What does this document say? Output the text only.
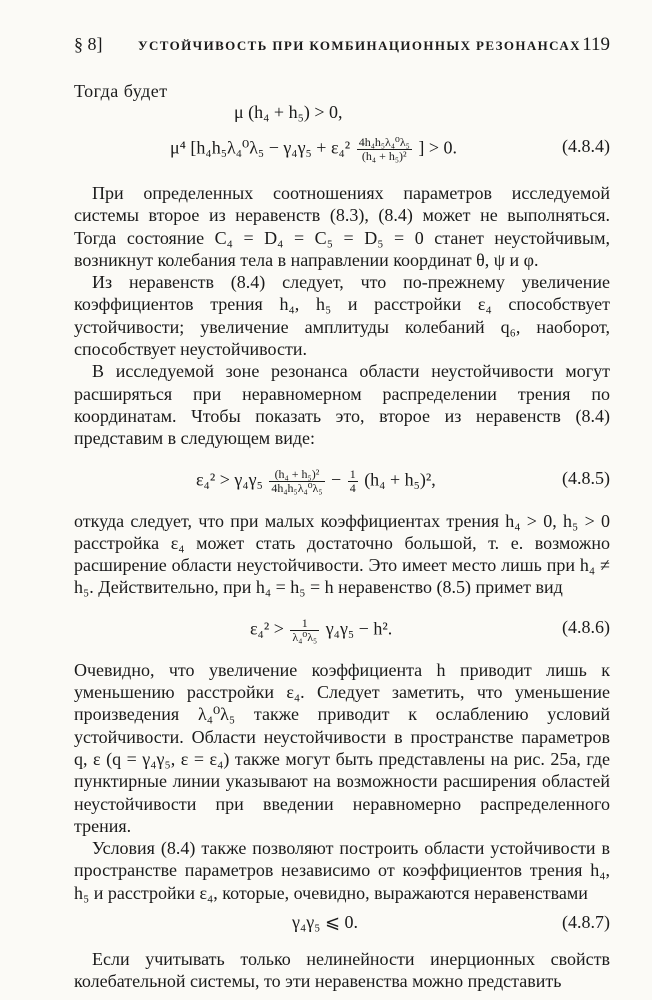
§ 8]	УСТОЙЧИВОСТЬ ПРИ КОМБИНАЦИОННЫХ РЕЗОНАНСАХ 119
Тогда будет
μ (h₄ + h₅) > 0,
μ⁴ [$h_4h_5\lambda_4^0\lambda_5 - \gamma_4\gamma_5 + \varepsilon_4^2 \frac{\text{4h₄h₅λ₄⁰λ₅}}{\text{(h₄ + h₅)²}}$ ] > 0.	(4.8.4)

При определенных соотношениях параметров исследуемой системы второе из неравенств (8.3), (8.4) может не выполняться. Тогда состояние C₄ = D₄ = C₅ = D₅ = 0 станет неустойчивым, возникнут колебания тела в направлении координат θ, ψ и φ.

Из неравенств (8.4) следует, что по-прежнему увеличение коэффициентов трения h₄, h₅ и расстройки ε₄ способствует устойчивости; увеличение амплитуды колебаний q₆, наоборот, способствует неустойчивости.

В исследуемой зоне резонанса области неустойчивости могут расширяться при неравномерном распределении трения по координатам. Чтобы показать это, второе из неравенств (8.4) представим в следующем виде:

$\varepsilon_4^2 > \gamma_4\gamma_5 \frac{\text{(h₄ + h₅)²}}{\text{4h₄h₅λ₄⁰λ₅}} - \frac{1}{4} (h_4 + h_5)^2$,	(4.8.5)

откуда следует, что при малых коэффициентах трения h₄ > 0, h₅ > 0 расстройка ε₄ может стать достаточно большой, т. е. возможно расширение области неустойчивости. Это имеет место лишь при h₄ ≠ h₅. Действительно, при h₄ = h₅ = h неравенство (8.5) примет вид

$\varepsilon_4^2 > \frac{1}{\text{λ₄⁰λ₅}} \gamma_4\gamma_5 - h^2$.	(4.8.6)

Очевидно, что увеличение коэффициента h приводит лишь к уменьшению расстройки ε₄. Следует заметить, что уменьшение произведения λ₄⁰λ₅ также приводит к ослаблению условий устойчивости. Области неустойчивости в пространстве параметров q, ε (q = γ₄γ₅, ε = ε₄) также могут быть представлены на рис. 25а, где пунктирные линии указывают на возможности расширения областей неустойчивости при введении неравномерно распределенного трения.

Условия (8.4) также позволяют построить области устойчивости в пространстве параметров независимо от коэффициентов трения h₄, h₅ и расстройки ε₄, которые, очевидно, выражаются неравенствами

γ₄γ₅ ⩽ 0.	(4.8.7)

Если учитывать только нелинейности инерционных свойств колебательной системы, то эти неравенства можно представить
